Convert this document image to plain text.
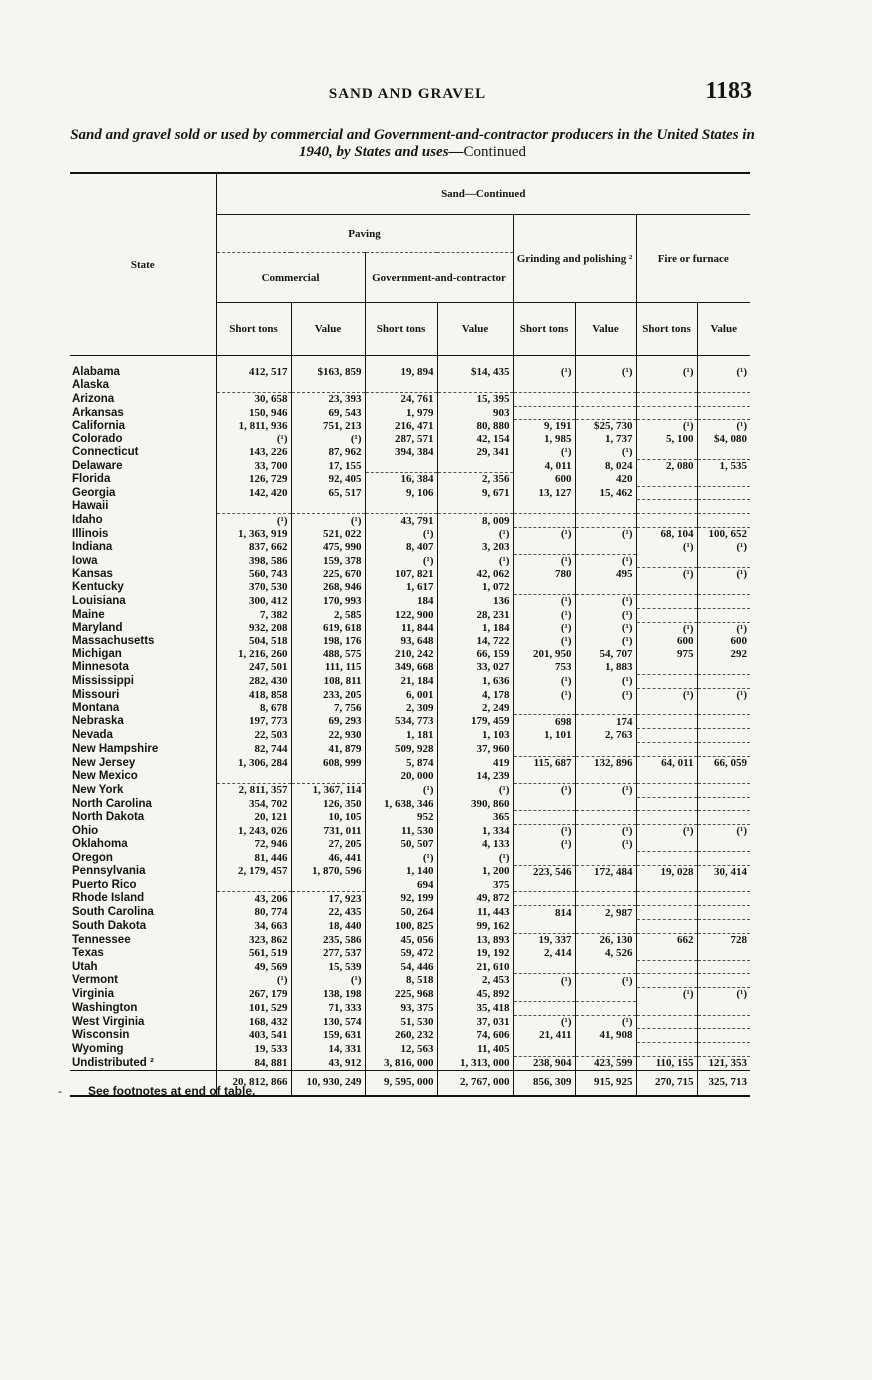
SAND AND GRAVEL	1183
Sand and gravel sold or used by commercial and Government-and-contractor producers in the United States in 1940, by States and uses—Continued
State	Sand—Continued							
	Paving				Grinding and polishing ²		Fire or furnace	
	Commercial		Government-and-contractor					
	Short tons	Value	Short tons	Value	Short tons	Value	Short tons	Value
Alabama	412, 517	$163, 859	19, 894	$14, 435	(¹)	(¹)	(¹)	(¹)
Alaska								
Arizona	30, 658	23, 393	24, 761	15, 395				
Arkansas	150, 946	69, 543	1, 979	903				
California	1, 811, 936	751, 213	216, 471	80, 880	9, 191	$25, 730	(¹)	(¹)
Colorado	(¹)	(¹)	287, 571	42, 154	1, 985	1, 737	5, 100	$4, 080
Connecticut	143, 226	87, 962	394, 384	29, 341	(¹)	(¹)		
Delaware	33, 700	17, 155			4, 011	8, 024	2, 080	1, 535
Florida	126, 729	92, 405	16, 384	2, 356	600	420		
Georgia	142, 420	65, 517	9, 106	9, 671	13, 127	15, 462		
Hawaii								
Idaho	(¹)	(¹)	43, 791	8, 009				
Illinois	1, 363, 919	521, 022	(¹)	(¹)	(¹)	(¹)	68, 104	100, 652
Indiana	837, 662	475, 990	8, 407	3, 203			(¹)	(¹)
Iowa	398, 586	159, 378	(¹)	(¹)	(¹)	(¹)		
Kansas	560, 743	225, 670	107, 821	42, 062	780	495	(¹)	(¹)
Kentucky	370, 530	268, 946	1, 617	1, 072				
Louisiana	300, 412	170, 993	184	136	(¹)	(¹)		
Maine	7, 382	2, 585	122, 900	28, 231	(¹)	(¹)		
Maryland	932, 208	619, 618	11, 844	1, 184	(¹)	(¹)	(¹)	(¹)
Massachusetts	504, 518	198, 176	93, 648	14, 722	(¹)	(¹)	600	600
Michigan	1, 216, 260	488, 575	210, 242	66, 159	201, 950	54, 707	975	292
Minnesota	247, 501	111, 115	349, 668	33, 027	753	1, 883		
Mississippi	282, 430	108, 811	21, 184	1, 636	(¹)	(¹)		
Missouri	418, 858	233, 205	6, 001	4, 178	(¹)	(¹)	(¹)	(¹)
Montana	8, 678	7, 756	2, 309	2, 249				
Nebraska	197, 773	69, 293	534, 773	179, 459	698	174		
Nevada	22, 503	22, 930	1, 181	1, 103	1, 101	2, 763		
New Hampshire	82, 744	41, 879	509, 928	37, 960				
New Jersey	1, 306, 284	608, 999	5, 874	419	115, 687	132, 896	64, 011	66, 059
New Mexico			20, 000	14, 239				
New York	2, 811, 357	1, 367, 114	(¹)	(¹)	(¹)	(¹)		
North Carolina	354, 702	126, 350	1, 638, 346	390, 860				
North Dakota	20, 121	10, 105	952	365				
Ohio	1, 243, 026	731, 011	11, 530	1, 334	(¹)	(¹)	(¹)	(¹)
Oklahoma	72, 946	27, 205	50, 507	4, 133	(¹)	(¹)		
Oregon	81, 446	46, 441	(¹)	(¹)				
Pennsylvania	2, 179, 457	1, 870, 596	1, 140	1, 200	223, 546	172, 484	19, 028	30, 414
Puerto Rico			694	375				
Rhode Island	43, 206	17, 923	92, 199	49, 872				
South Carolina	80, 774	22, 435	50, 264	11, 443	814	2, 987		
South Dakota	34, 663	18, 440	100, 825	99, 162				
Tennessee	323, 862	235, 586	45, 056	13, 893	19, 337	26, 130	662	728
Texas	561, 519	277, 537	59, 472	19, 192	2, 414	4, 526		
Utah	49, 569	15, 539	54, 446	21, 610				
Vermont	(¹)	(¹)	8, 518	2, 453	(¹)	(¹)		
Virginia	267, 179	138, 198	225, 968	45, 892			(¹)	(¹)
Washington	101, 529	71, 333	93, 375	35, 418				
West Virginia	168, 432	130, 574	51, 530	37, 031	(¹)	(¹)		
Wisconsin	403, 541	159, 631	260, 232	74, 606	21, 411	41, 908		
Wyoming	19, 533	14, 331	12, 563	11, 405				
Undistributed ²	84, 881	43, 912	3, 816, 000	1, 313, 000	238, 904	423, 599	110, 155	121, 353
	20, 812, 866	10, 930, 249	9, 595, 000	2, 767, 000	856, 309	915, 925	270, 715	325, 713
- See footnotes at end of table.
